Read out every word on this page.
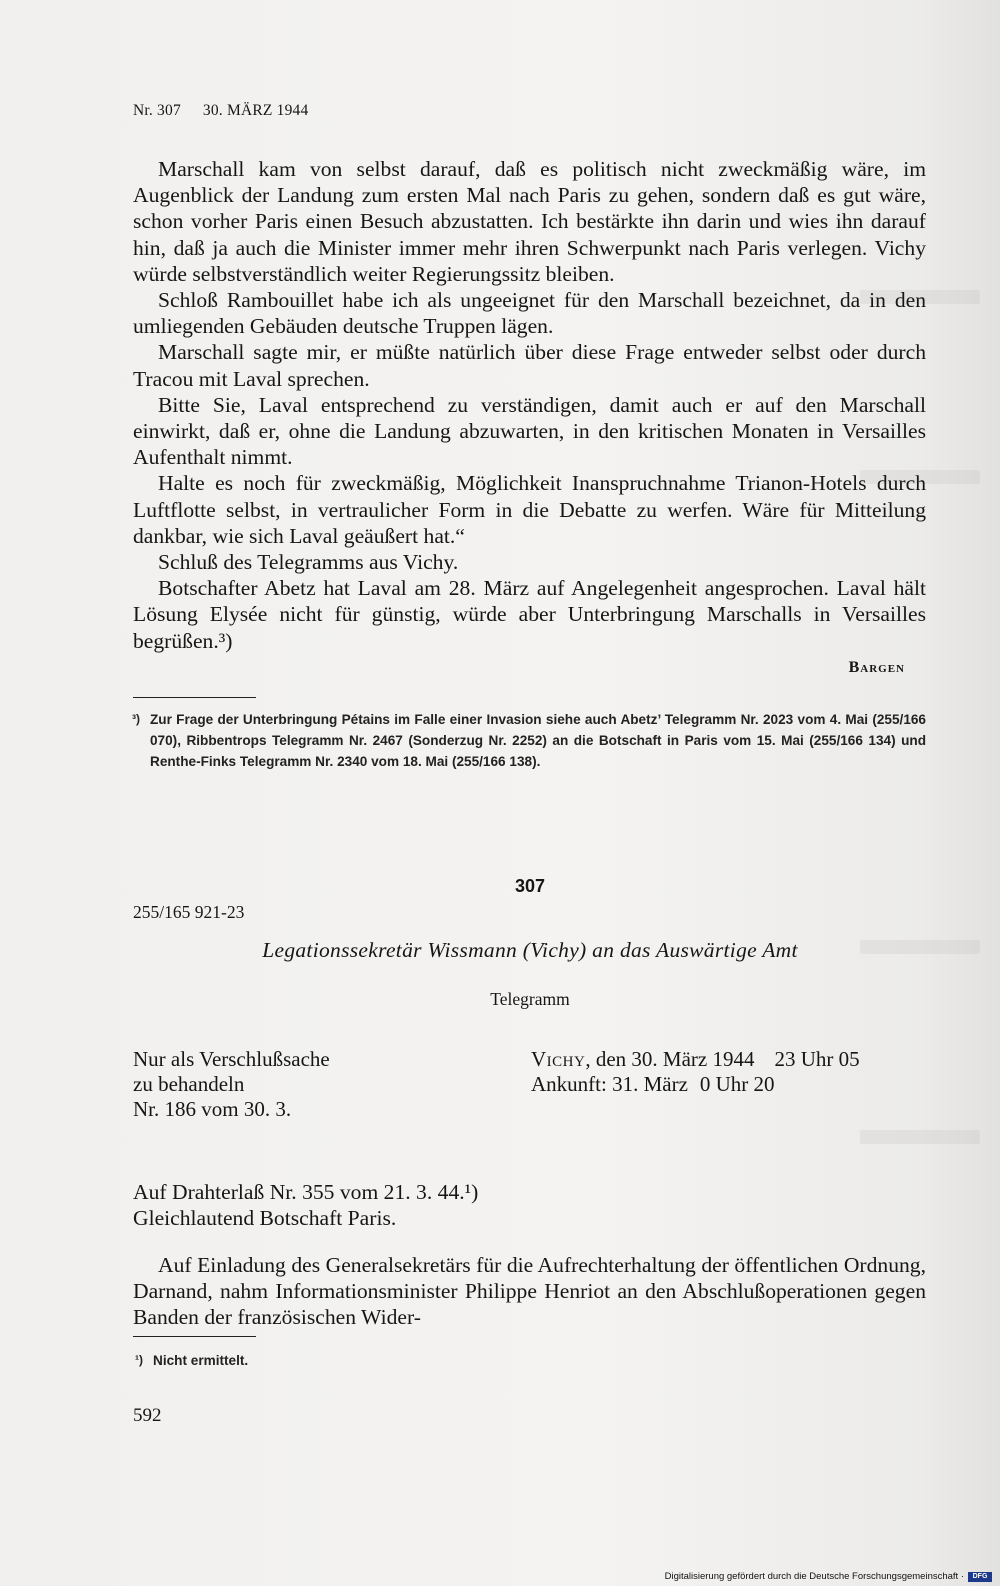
Nr. 307 30. MÄRZ 1944

Marschall kam von selbst darauf, daß es politisch nicht zweckmäßig wäre, im Augenblick der Landung zum ersten Mal nach Paris zu gehen, sondern daß es gut wäre, schon vorher Paris einen Besuch abzustatten. Ich bestärkte ihn darin und wies ihn darauf hin, daß ja auch die Minister immer mehr ihren Schwerpunkt nach Paris verlegen. Vichy würde selbstverständlich weiter Regierungssitz bleiben.

Schloß Rambouillet habe ich als ungeeignet für den Marschall bezeichnet, da in den umliegenden Gebäuden deutsche Truppen lägen.

Marschall sagte mir, er müßte natürlich über diese Frage entweder selbst oder durch Tracou mit Laval sprechen.

Bitte Sie, Laval entsprechend zu verständigen, damit auch er auf den Marschall einwirkt, daß er, ohne die Landung abzuwarten, in den kritischen Monaten in Versailles Aufenthalt nimmt.

Halte es noch für zweckmäßig, Möglichkeit Inanspruchnahme Trianon-Hotels durch Luftflotte selbst, in vertraulicher Form in die Debatte zu werfen. Wäre für Mitteilung dankbar, wie sich Laval geäußert hat.“

Schluß des Telegramms aus Vichy.

Botschafter Abetz hat Laval am 28. März auf Angelegenheit angesprochen. Laval hält Lösung Elysée nicht für günstig, würde aber Unterbringung Marschalls in Versailles begrüßen.³)

Bargen
³) Zur Frage der Unterbringung Pétains im Falle einer Invasion siehe auch Abetz’ Telegramm Nr. 2023 vom 4. Mai (255/166 070), Ribbentrops Telegramm Nr. 2467 (Sonderzug Nr. 2252) an die Botschaft in Paris vom 15. Mai (255/166 134) und Renthe-Finks Telegramm Nr. 2340 vom 18. Mai (255/166 138).
307
255/165 921-23
Legationssekretär Wissmann (Vichy) an das Auswärtige Amt
Telegramm
Nur als Verschlußsache
zu behandeln
Nr. 186 vom 30. 3.
Vichy, den 30. März 1944 23 Uhr 05
Ankunft: 31. März 0 Uhr 20

Auf Drahterlaß Nr. 355 vom 21. 3. 44.¹)

Gleichlautend Botschaft Paris.

Auf Einladung des Generalsekretärs für die Aufrechterhaltung der öffentlichen Ordnung, Darnand, nahm Informationsminister Philippe Henriot an den Abschlußoperationen gegen Banden der französischen Wider-

¹) Nicht ermittelt.
592
Digitalisierung gefördert durch die Deutsche Forschungsgemeinschaft ·	DFG
